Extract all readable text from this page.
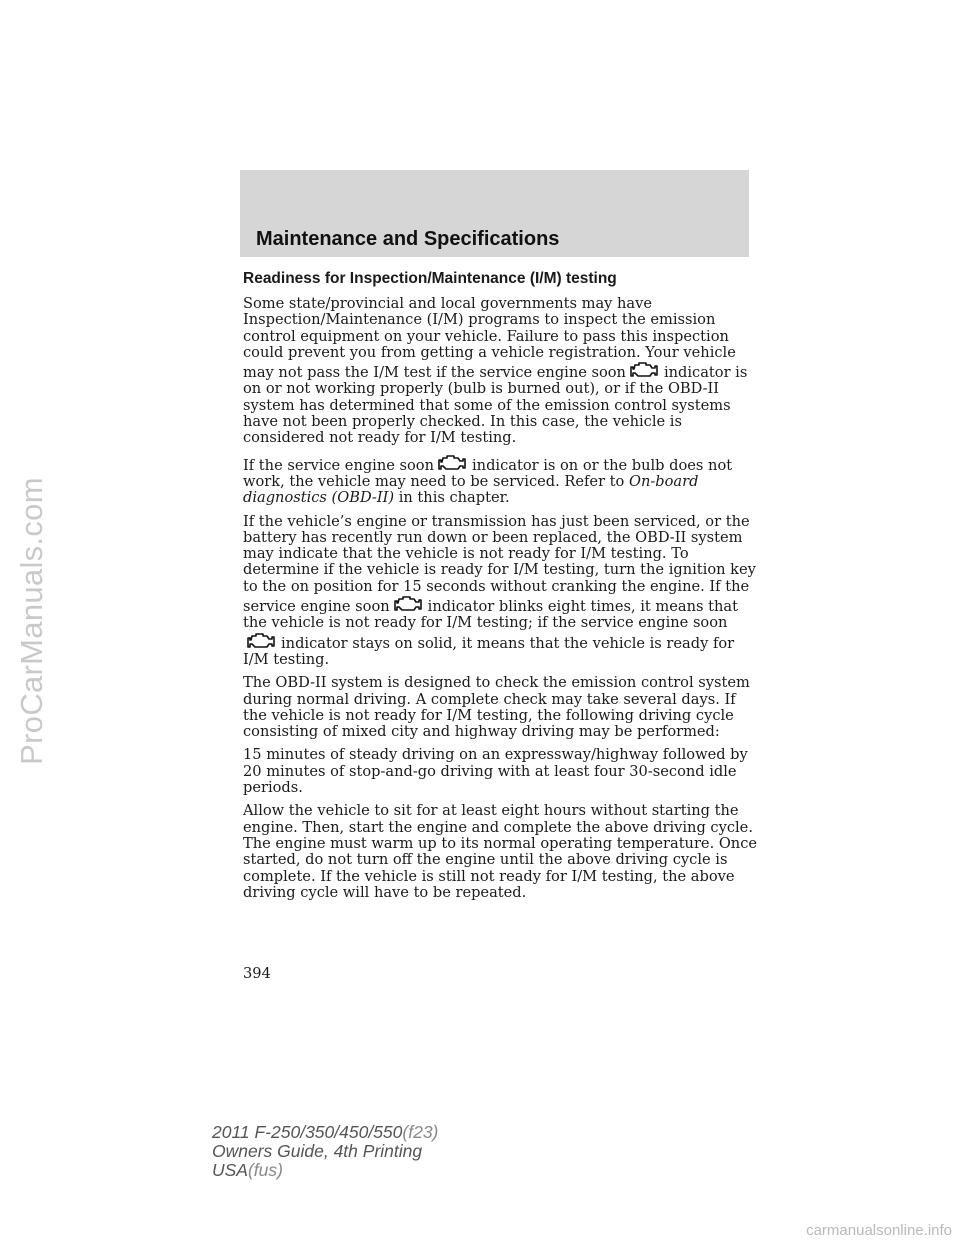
ProCarManuals.com
Maintenance and Specifications
Readiness for Inspection/Maintenance (I/M) testing

Some state/provincial and local governments may have Inspection/Maintenance (I/M) programs to inspect the emission control equipment on your vehicle. Failure to pass this inspection could prevent you from getting a vehicle registration. Your vehicle may not pass the I/M test if the service engine soon	indicator is on or not working properly (bulb is burned out), or if the OBD-II system has determined that some of the emission control systems have not been properly checked. In this case, the vehicle is considered not ready for I/M testing.

If the service engine soon	indicator is on or the bulb does not work, the vehicle may need to be serviced. Refer to On-board diagnostics (OBD-II) in this chapter.

If the vehicle’s engine or transmission has just been serviced, or the battery has recently run down or been replaced, the OBD-II system may indicate that the vehicle is not ready for I/M testing. To determine if the vehicle is ready for I/M testing, turn the ignition key to the on position for 15 seconds without cranking the engine. If the service engine soon	indicator blinks eight times, it means that the vehicle is not ready for I/M testing; if the service engine soon
indicator stays on solid, it means that the vehicle is ready for I/M testing.

The OBD-II system is designed to check the emission control system during normal driving. A complete check may take several days. If the vehicle is not ready for I/M testing, the following driving cycle consisting of mixed city and highway driving may be performed:

15 minutes of steady driving on an expressway/highway followed by 20 minutes of stop-and-go driving with at least four 30-second idle periods.

Allow the vehicle to sit for at least eight hours without starting the engine. Then, start the engine and complete the above driving cycle. The engine must warm up to its normal operating temperature. Once started, do not turn off the engine until the above driving cycle is complete. If the vehicle is still not ready for I/M testing, the above driving cycle will have to be repeated.

394
2011 F-250/350/450/550(f23)
Owners Guide, 4th Printing
USA(fus)
carmanualsonline.info
